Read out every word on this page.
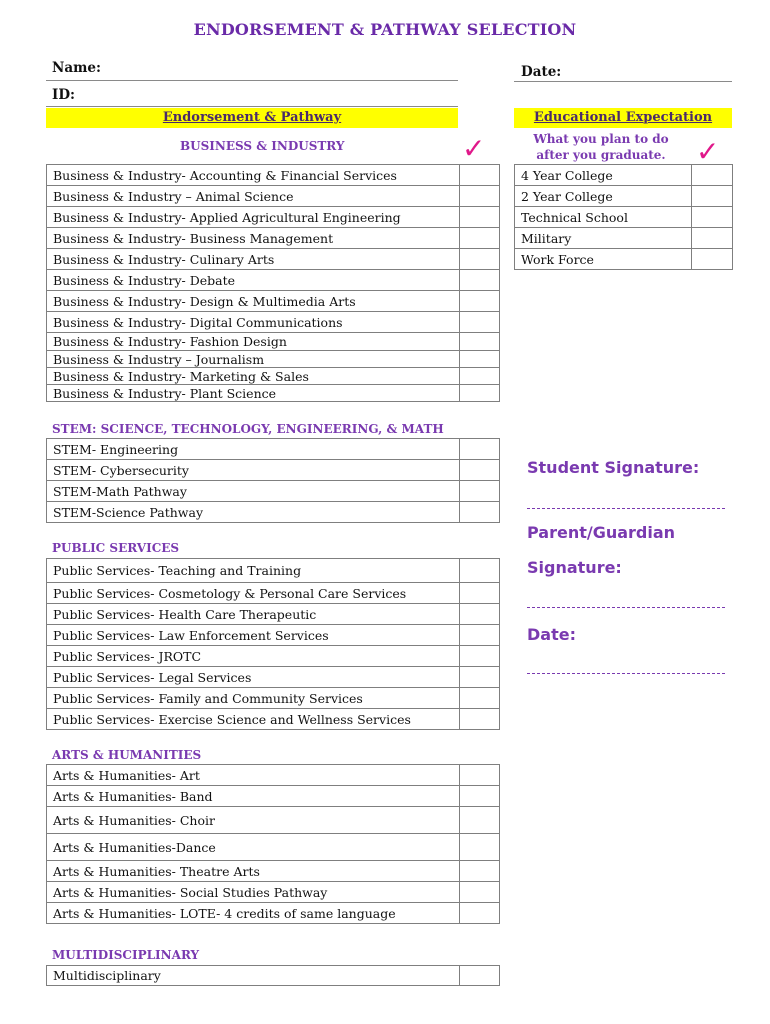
ENDORSEMENT & PATHWAY SELECTION
Name:	Date:
ID:
Endorsement & Pathway	Educational Expectation
BUSINESS & INDUSTRY	What you plan to do after you graduate.
✓	✓
Business & Industry- Accounting & Financial Services	
Business & Industry – Animal Science	
Business & Industry- Applied Agricultural Engineering	
Business & Industry- Business Management	
Business & Industry- Culinary Arts	
Business & Industry- Debate	
Business & Industry- Design & Multimedia Arts	
Business & Industry- Digital Communications	
Business & Industry- Fashion Design	
Business & Industry – Journalism	
Business & Industry- Marketing & Sales	
Business & Industry- Plant Science	
4 Year College	
2 Year College	
Technical School	
Military	
Work Force	
STEM: SCIENCE, TECHNOLOGY, ENGINEERING, & MATH
STEM- Engineering	
STEM- Cybersecurity	
STEM-Math Pathway	
STEM-Science Pathway	
PUBLIC SERVICES
Public Services- Teaching and Training	
Public Services- Cosmetology & Personal Care Services	
Public Services- Health Care Therapeutic	
Public Services- Law Enforcement Services	
Public Services- JROTC	
Public Services- Legal Services	
Public Services- Family and Community Services	
Public Services- Exercise Science and Wellness Services	
ARTS & HUMANITIES
Arts & Humanities- Art	
Arts & Humanities- Band	
Arts & Humanities- Choir	
Arts & Humanities-Dance	
Arts & Humanities- Theatre Arts	
Arts & Humanities- Social Studies Pathway	
Arts & Humanities- LOTE- 4 credits of same language	
MULTIDISCIPLINARY
Multidisciplinary	
Student Signature:
Parent/Guardian
Signature:
Date:
